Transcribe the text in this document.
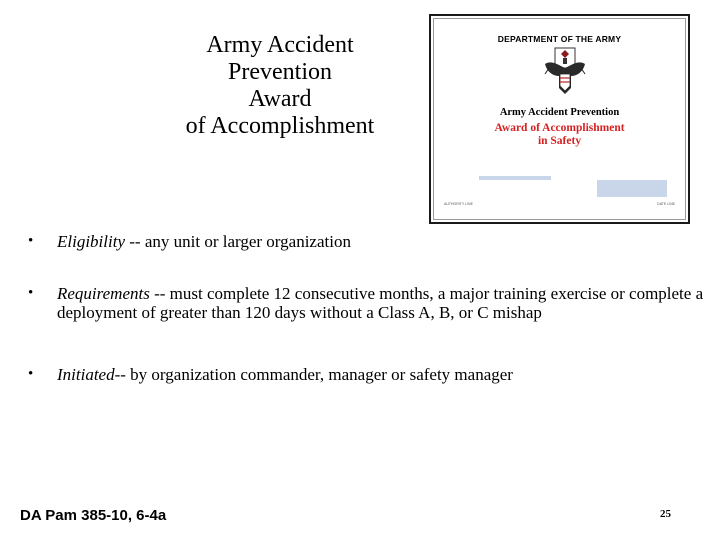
Army Accident
Prevention
Award
of Accomplishment
DEPARTMENT OF THE ARMY
Army Accident Prevention
Award of Accomplishment
in Safety
AUTHORITY LINE	DATE LINE
• Eligibility -- any unit or larger organization
• Requirements -- must complete 12 consecutive months, a major training exercise or complete a deployment of greater than 120 days without a Class A, B, or C mishap
• Initiated-- by organization commander, manager or safety manager
DA Pam 385-10, 6-4a	25
